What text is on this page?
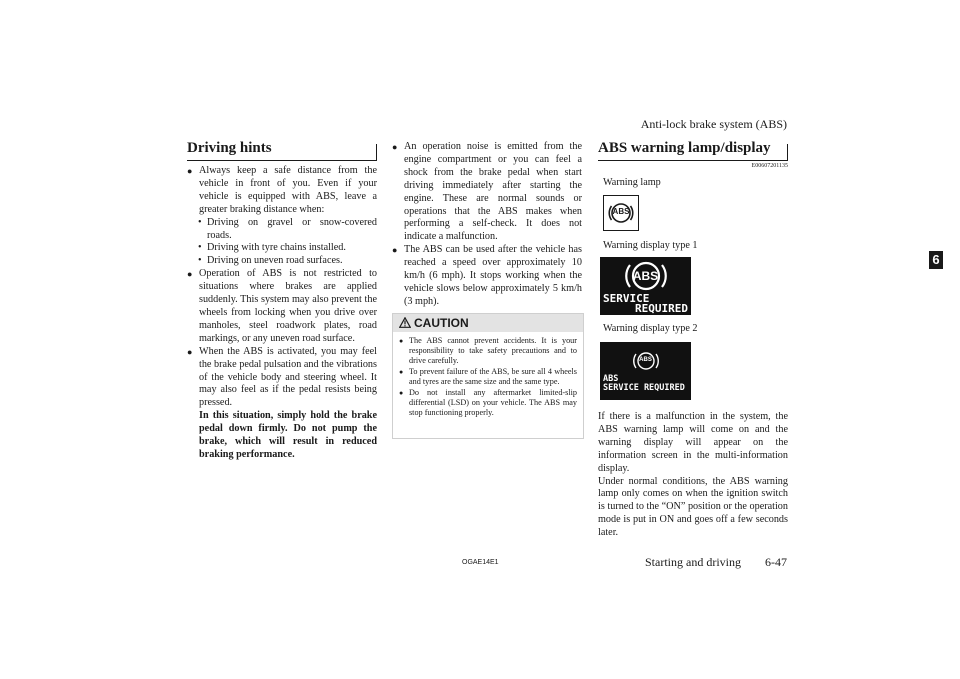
Anti-lock brake system (ABS)
6
Driving hints
● Always keep a safe distance from the vehicle in front of you. Even if your vehicle is equipped with ABS, leave a greater braking distance when:
• Driving on gravel or snow-covered roads.
• Driving with tyre chains installed.
• Driving on uneven road surfaces.
● Operation of ABS is not restricted to situations where brakes are applied suddenly. This system may also prevent the wheels from locking when you drive over manholes, steel roadwork plates, road markings, or any uneven road surface.
● When the ABS is activated, you may feel the brake pedal pulsation and the vibrations of the vehicle body and steering wheel. It may also feel as if the pedal resists being pressed.
In this situation, simply hold the brake pedal down firmly. Do not pump the brake, which will result in reduced braking performance.
● An operation noise is emitted from the engine compartment or you can feel a shock from the brake pedal when start driving immediately after starting the engine. These are normal sounds or operations that the ABS makes when performing a self-check. It does not indicate a malfunction.
● The ABS can be used after the vehicle has reached a speed over approximately 10 km/h (6 mph). It stops working when the vehicle slows below approximately 5 km/h (3 mph).
CAUTION
● The ABS cannot prevent accidents. It is your responsibility to take safety precautions and to drive carefully.
● To prevent failure of the ABS, be sure all 4 wheels and tyres are the same size and the same type.
● Do not install any aftermarket limited-slip differential (LSD) on your vehicle. The ABS may stop functioning properly.
ABS warning lamp/display
E00607201135
Warning lamp
ABS
Warning display type 1
ABS
SERVICE
REQUIRED
Warning display type 2
ABS
ABS
SERVICE REQUIRED
If there is a malfunction in the system, the ABS warning lamp will come on and the warning display will appear on the information screen in the multi-information display.
Under normal conditions, the ABS warning lamp only comes on when the ignition switch is turned to the “ON” position or the operation mode is put in ON and goes off a few seconds later.
OGAE14E1	Starting and driving	6-47
